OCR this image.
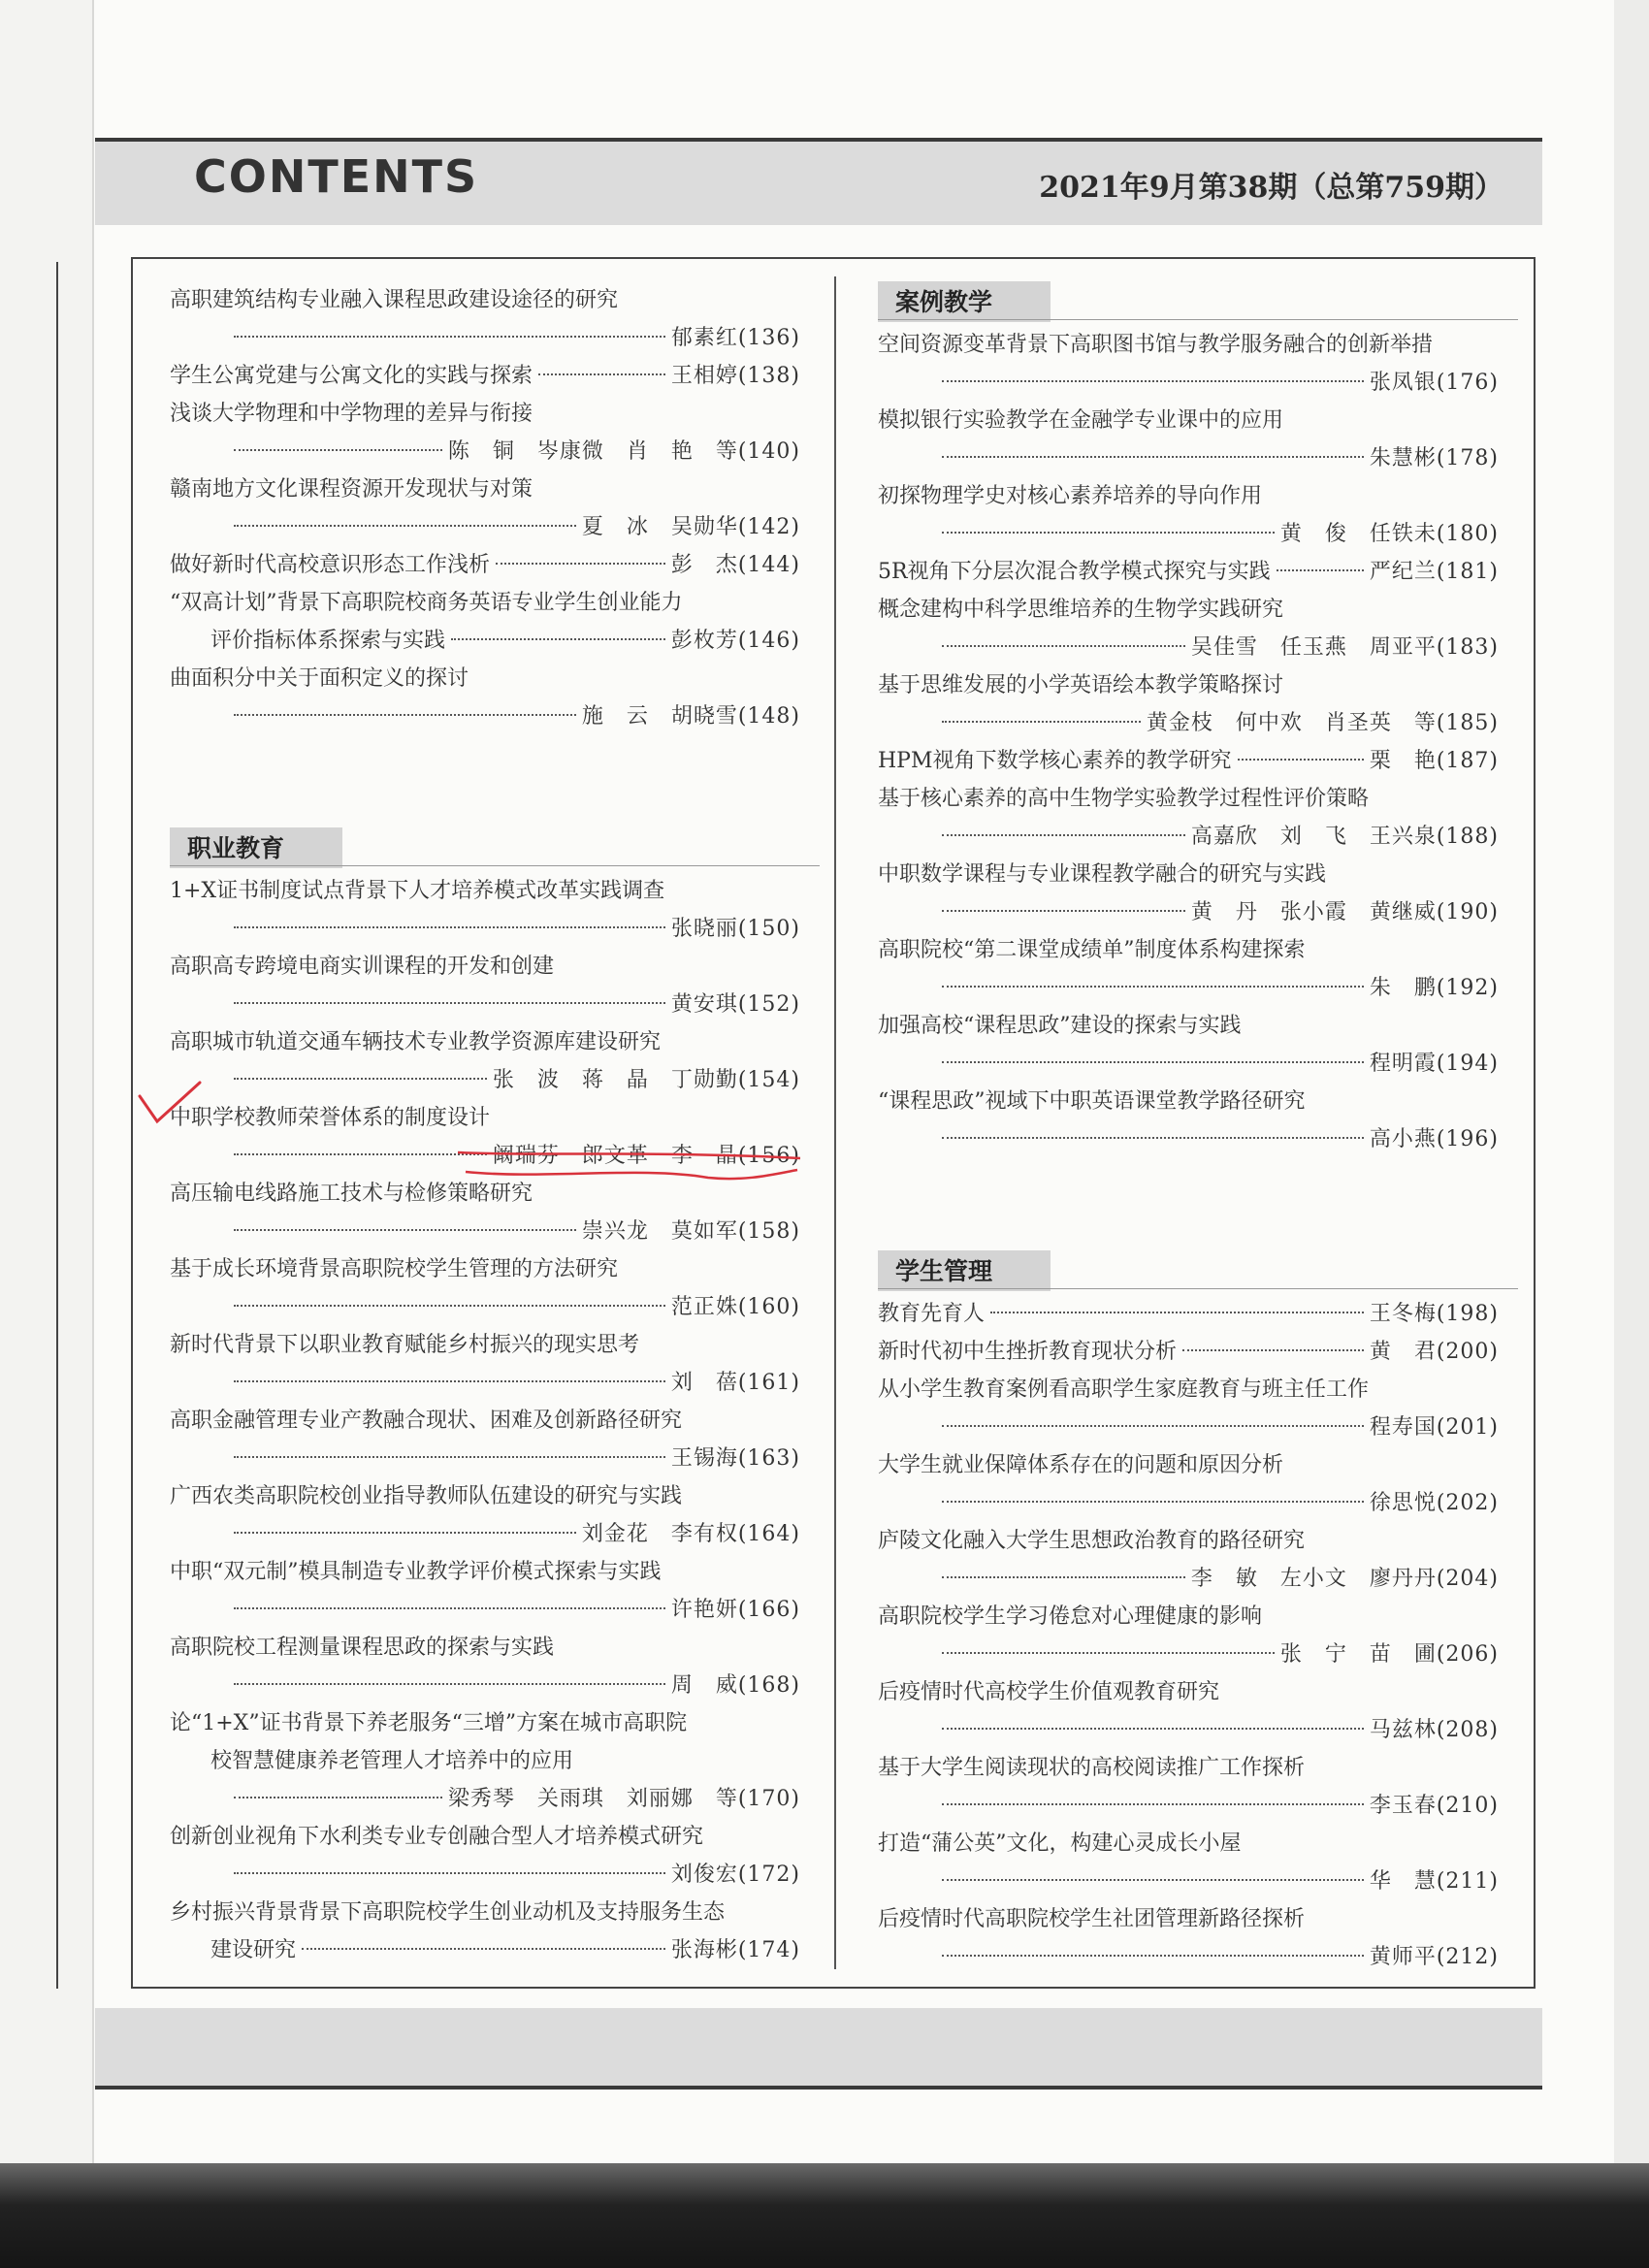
CONTENTS	2021年9月第38期（总第759期）
高职建筑结构专业融入课程思政建设途径的研究
郁素红(136)
学生公寓党建与公寓文化的实践与探索	王相婷(138)
浅谈大学物理和中学物理的差异与衔接
陈　铜　岑康微　肖　艳　等(140)
赣南地方文化课程资源开发现状与对策
夏　冰　吴勋华(142)
做好新时代高校意识形态工作浅析	彭　杰(144)
“双高计划”背景下高职院校商务英语专业学生创业能力
评价指标体系探索与实践	彭枚芳(146)
曲面积分中关于面积定义的探讨
施　云　胡晓雪(148)
职业教育
1+X证书制度试点背景下人才培养模式改革实践调查
张晓丽(150)
高职高专跨境电商实训课程的开发和创建
黄安琪(152)
高职城市轨道交通车辆技术专业教学资源库建设研究
张　波　蒋　晶　丁勋勤(154)
中职学校教师荣誉体系的制度设计
阚瑞芬　郎文革　李　晶(156)
高压输电线路施工技术与检修策略研究
崇兴龙　莫如军(158)
基于成长环境背景高职院校学生管理的方法研究
范正姝(160)
新时代背景下以职业教育赋能乡村振兴的现实思考
刘　蓓(161)
高职金融管理专业产教融合现状、困难及创新路径研究
王锡海(163)
广西农类高职院校创业指导教师队伍建设的研究与实践
刘金花　李有权(164)
中职“双元制”模具制造专业教学评价模式探索与实践
许艳妍(166)
高职院校工程测量课程思政的探索与实践
周　威(168)
论“1+X”证书背景下养老服务“三增”方案在城市高职院
校智慧健康养老管理人才培养中的应用
梁秀琴　关雨琪　刘丽娜　等(170)
创新创业视角下水利类专业专创融合型人才培养模式研究
刘俊宏(172)
乡村振兴背景背景下高职院校学生创业动机及支持服务生态
建设研究	张海彬(174)
案例教学
空间资源变革背景下高职图书馆与教学服务融合的创新举措
张凤银(176)
模拟银行实验教学在金融学专业课中的应用
朱慧彬(178)
初探物理学史对核心素养培养的导向作用
黄　俊　任铁未(180)
5R视角下分层次混合教学模式探究与实践	严纪兰(181)
概念建构中科学思维培养的生物学实践研究
吴佳雪　任玉燕　周亚平(183)
基于思维发展的小学英语绘本教学策略探讨
黄金枝　何中欢　肖圣英　等(185)
HPM视角下数学核心素养的教学研究	栗　艳(187)
基于核心素养的高中生物学实验教学过程性评价策略
高嘉欣　刘　飞　王兴泉(188)
中职数学课程与专业课程教学融合的研究与实践
黄　丹　张小霞　黄继威(190)
高职院校“第二课堂成绩单”制度体系构建探索
朱　鹏(192)
加强高校“课程思政”建设的探索与实践
程明霞(194)
“课程思政”视域下中职英语课堂教学路径研究
高小燕(196)
学生管理
教育先育人	王冬梅(198)
新时代初中生挫折教育现状分析	黄　君(200)
从小学生教育案例看高职学生家庭教育与班主任工作
程寿国(201)
大学生就业保障体系存在的问题和原因分析
徐思悦(202)
庐陵文化融入大学生思想政治教育的路径研究
李　敏　左小文　廖丹丹(204)
高职院校学生学习倦怠对心理健康的影响
张　宁　苗　圃(206)
后疫情时代高校学生价值观教育研究
马兹林(208)
基于大学生阅读现状的高校阅读推广工作探析
李玉春(210)
打造“蒲公英”文化，构建心灵成长小屋
华　慧(211)
后疫情时代高职院校学生社团管理新路径探析
黄师平(212)
